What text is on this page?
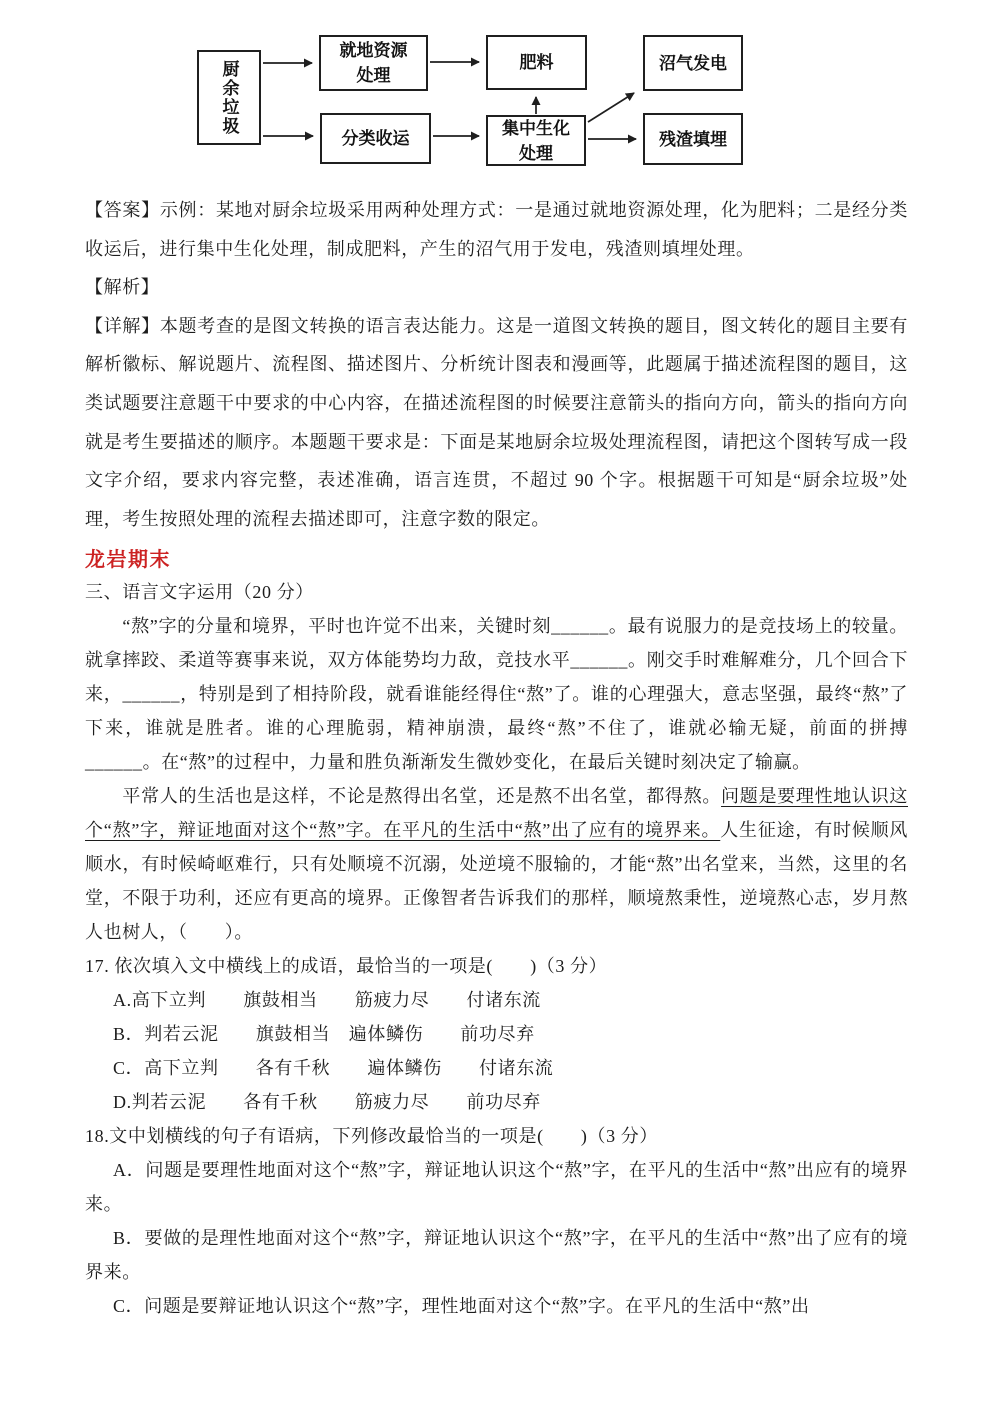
厨余垃圾
就地资源处理
分类收运
肥料
集中生化处理
沼气发电
残渣填埋

【答案】示例：某地对厨余垃圾采用两种处理方式：一是通过就地资源处理，化为肥料；二是经分类收运后，进行集中生化处理，制成肥料，产生的沼气用于发电，残渣则填埋处理。

【解析】

【详解】本题考查的是图文转换的语言表达能力。这是一道图文转换的题目，图文转化的题目主要有解析徽标、解说题片、流程图、描述图片、分析统计图表和漫画等，此题属于描述流程图的题目，这类试题要注意题干中要求的中心内容，在描述流程图的时候要注意箭头的指向方向，箭头的指向方向就是考生要描述的顺序。本题题干要求是：下面是某地厨余垃圾处理流程图，请把这个图转写成一段文字介绍，要求内容完整，表述准确，语言连贯，不超过 90 个字。根据题干可知是“厨余垃圾”处理，考生按照处理的流程去描述即可，注意字数的限定。

龙岩期末

三、语言文字运用（20 分）

　　“熬”字的分量和境界，平时也许觉不出来，关键时刻______。最有说服力的是竞技场上的较量。就拿摔跤、柔道等赛事来说，双方体能势均力敌，竞技水平______。刚交手时难解难分，几个回合下来，______，特别是到了相持阶段，就看谁能经得住“熬”了。谁的心理强大，意志坚强，最终“熬”了下来，谁就是胜者。谁的心理脆弱，精神崩溃，最终“熬”不住了，谁就必输无疑，前面的拼搏______。在“熬”的过程中，力量和胜负渐渐发生微妙变化，在最后关键时刻决定了输赢。

　　平常人的生活也是这样，不论是熬得出名堂，还是熬不出名堂，都得熬。问题是要理性地认识这个“熬”字，辩证地面对这个“熬”字。在平凡的生活中“熬”出了应有的境界来。人生征途，有时候顺风顺水，有时候崎岖难行，只有处顺境不沉溺，处逆境不服输的，才能“熬”出名堂来，当然，这里的名堂，不限于功利，还应有更高的境界。正像智者告诉我们的那样，顺境熬秉性，逆境熬心志，岁月熬人也树人，（　　）。

17. 依次填入文中横线上的成语，最恰当的一项是(　　)（3 分）

A.高下立判　　旗鼓相当　　筋疲力尽　　付诸东流
B．判若云泥　　旗鼓相当　遍体鳞伤　　前功尽弃
C．高下立判　　各有千秋　　遍体鳞伤　　付诸东流
D.判若云泥　　各有千秋　　筋疲力尽　　前功尽弃

18.文中划横线的句子有语病，下列修改最恰当的一项是(　　)（3 分）

A．问题是要理性地面对这个“熬”字，辩证地认识这个“熬”字，在平凡的生活中“熬”出应有的境界来。

B．要做的是理性地面对这个“熬”字，辩证地认识这个“熬”字，在平凡的生活中“熬”出了应有的境界来。

C．问题是要辩证地认识这个“熬”字，理性地面对这个“熬”字。在平凡的生活中“熬”出
